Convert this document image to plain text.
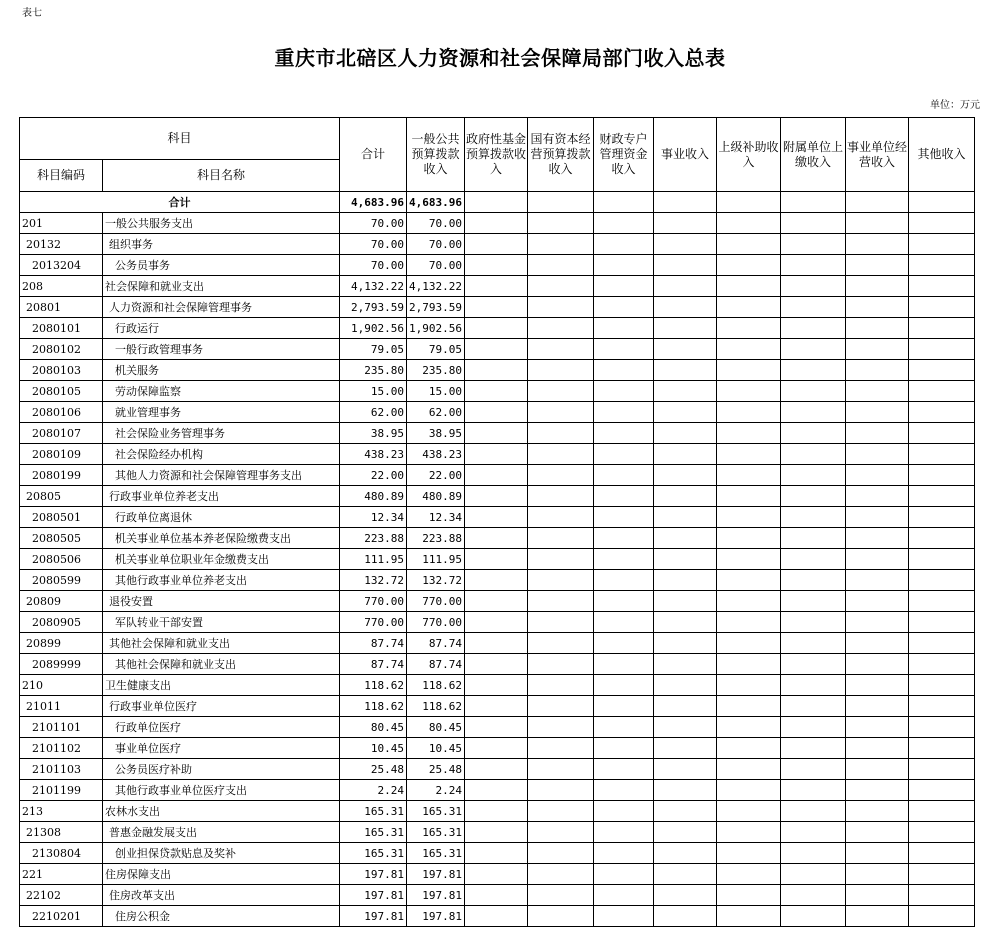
表七
重庆市北碚区人力资源和社会保障局部门收入总表
单位：万元
科目		合计	一般公共预算拨款收入	政府性基金预算拨款收入	国有资本经营预算拨款收入	财政专户管理资金收入	事业收入	上级补助收入	附属单位上缴收入	事业单位经营收入	其他收入
科目编码	科目名称										
合计		4,683.96	4,683.96								
201	一般公共服务支出	70.00	70.00								
20132	组织事务	70.00	70.00								
2013204	公务员事务	70.00	70.00								
208	社会保障和就业支出	4,132.22	4,132.22								
20801	人力资源和社会保障管理事务	2,793.59	2,793.59								
2080101	行政运行	1,902.56	1,902.56								
2080102	一般行政管理事务	79.05	79.05								
2080103	机关服务	235.80	235.80								
2080105	劳动保障监察	15.00	15.00								
2080106	就业管理事务	62.00	62.00								
2080107	社会保险业务管理事务	38.95	38.95								
2080109	社会保险经办机构	438.23	438.23								
2080199	其他人力资源和社会保障管理事务支出	22.00	22.00								
20805	行政事业单位养老支出	480.89	480.89								
2080501	行政单位离退休	12.34	12.34								
2080505	机关事业单位基本养老保险缴费支出	223.88	223.88								
2080506	机关事业单位职业年金缴费支出	111.95	111.95								
2080599	其他行政事业单位养老支出	132.72	132.72								
20809	退役安置	770.00	770.00								
2080905	军队转业干部安置	770.00	770.00								
20899	其他社会保障和就业支出	87.74	87.74								
2089999	其他社会保障和就业支出	87.74	87.74								
210	卫生健康支出	118.62	118.62								
21011	行政事业单位医疗	118.62	118.62								
2101101	行政单位医疗	80.45	80.45								
2101102	事业单位医疗	10.45	10.45								
2101103	公务员医疗补助	25.48	25.48								
2101199	其他行政事业单位医疗支出	2.24	2.24								
213	农林水支出	165.31	165.31								
21308	普惠金融发展支出	165.31	165.31								
2130804	创业担保贷款贴息及奖补	165.31	165.31								
221	住房保障支出	197.81	197.81								
22102	住房改革支出	197.81	197.81								
2210201	住房公积金	197.81	197.81								
